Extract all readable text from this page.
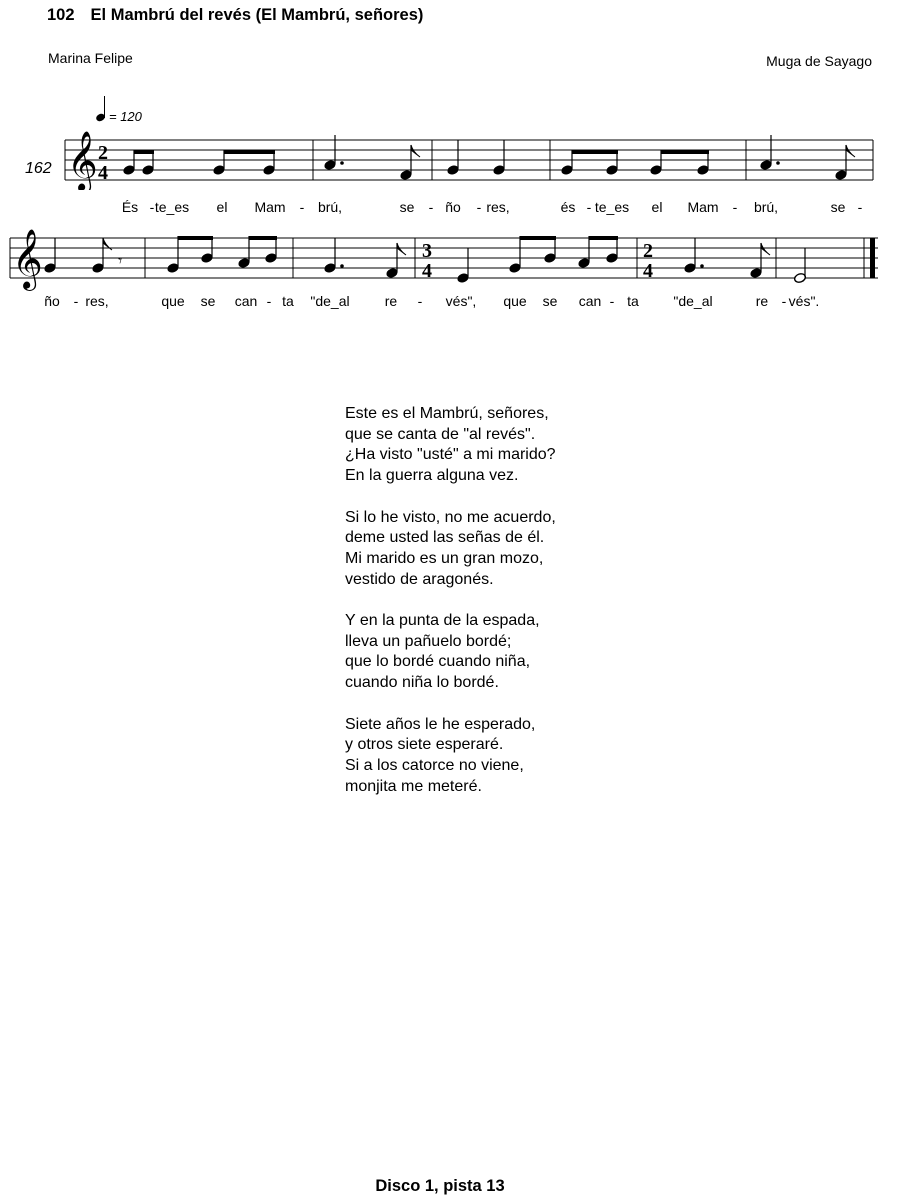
102 El Mambrú del revés (El Mambrú, señores)
Marina Felipe	Muga de Sayago
= 120
162 𝄞 2
4
𝄞	3
4
2
4
𝄾
És - te_es el Mam - brú,	se - ño - res,	és - te_es el Mam - brú,	se -
ño - res,	que se can - ta "de_al	re - vés", que se can - ta "de_al	re - vés".
Este es el Mambrú, señores,
que se canta de "al revés".
¿Ha visto "usté" a mi marido?
En la guerra alguna vez.
Si lo he visto, no me acuerdo,
deme usted las señas de él.
Mi marido es un gran mozo,
vestido de aragonés.
Y en la punta de la espada,
lleva un pañuelo bordé;
que lo bordé cuando niña,
cuando niña lo bordé.
Siete años le he esperado,
y otros siete esperaré.
Si a los catorce no viene,
monjita me meteré.
Disco 1, pista 13
